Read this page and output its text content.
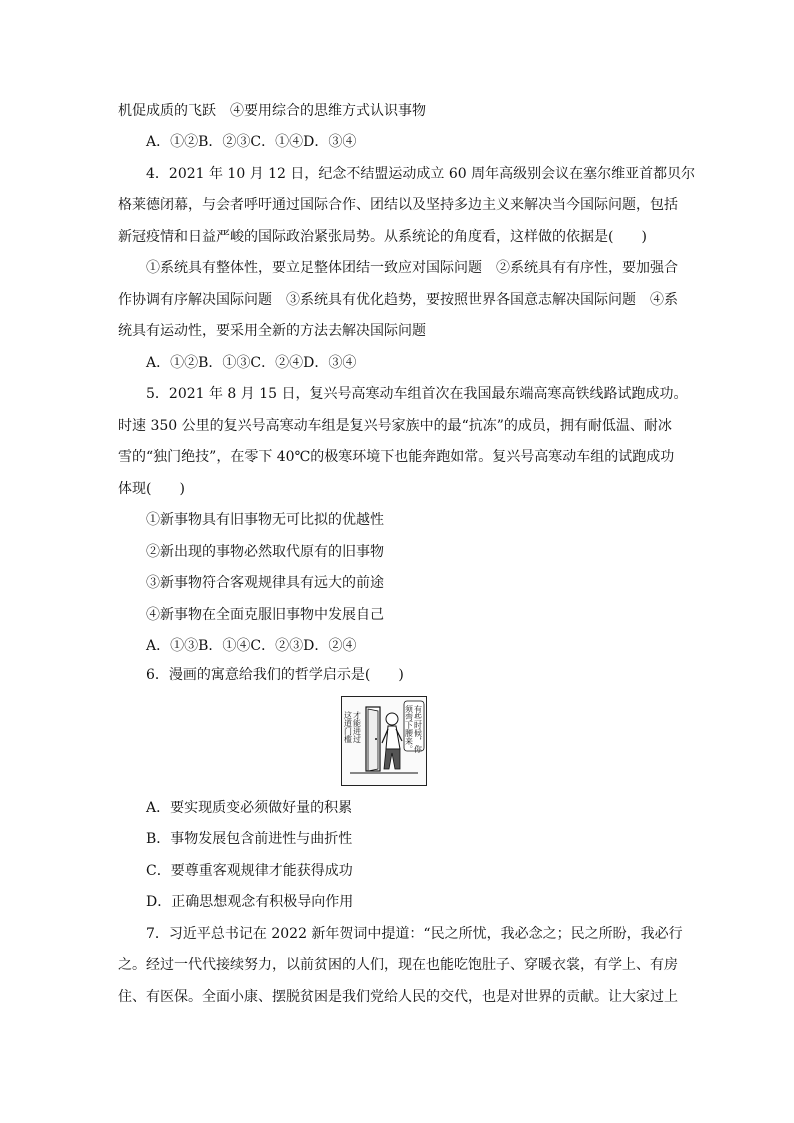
机促成质的飞跃　④要用综合的思维方式认识事物
A．①②B．②③C．①④D．③④
4．2021 年 10 月 12 日，纪念不结盟运动成立 60 周年高级别会议在塞尔维亚首都贝尔
格莱德闭幕，与会者呼吁通过国际合作、团结以及坚持多边主义来解决当今国际问题，包括
新冠疫情和日益严峻的国际政治紧张局势。从系统论的角度看，这样做的依据是(　　)
①系统具有整体性，要立足整体团结一致应对国际问题　②系统具有有序性，要加强合
作协调有序解决国际问题　③系统具有优化趋势，要按照世界各国意志解决国际问题　④系
统具有运动性，要采用全新的方法去解决国际问题
A．①②B．①③C．②④D．③④
5．2021 年 8 月 15 日，复兴号高寒动车组首次在我国最东端高寒高铁线路试跑成功。
时速 350 公里的复兴号高寒动车组是复兴号家族中的最“抗冻”的成员，拥有耐低温、耐冰
雪的“独门绝技”，在零下 40℃的极寒环境下也能奔跑如常。复兴号高寒动车组的试跑成功
体现(　　)
①新事物具有旧事物无可比拟的优越性
②新出现的事物必然取代原有的旧事物
③新事物符合客观规律具有远大的前途
④新事物在全面克服旧事物中发展自己
A．①③B．①④C．②③D．②④
6．漫画的寓意给我们的哲学启示是(　　)
才能进过
这道门槛	有些时候，你
须弯下腰来。
A．要实现质变必须做好量的积累
B．事物发展包含前进性与曲折性
C．要尊重客观规律才能获得成功
D．正确思想观念有积极导向作用
7．习近平总书记在 2022 新年贺词中提道：“民之所忧，我必念之；民之所盼，我必行
之。经过一代代接续努力，以前贫困的人们，现在也能吃饱肚子、穿暖衣裳，有学上、有房
住、有医保。全面小康、摆脱贫困是我们党给人民的交代，也是对世界的贡献。让大家过上
